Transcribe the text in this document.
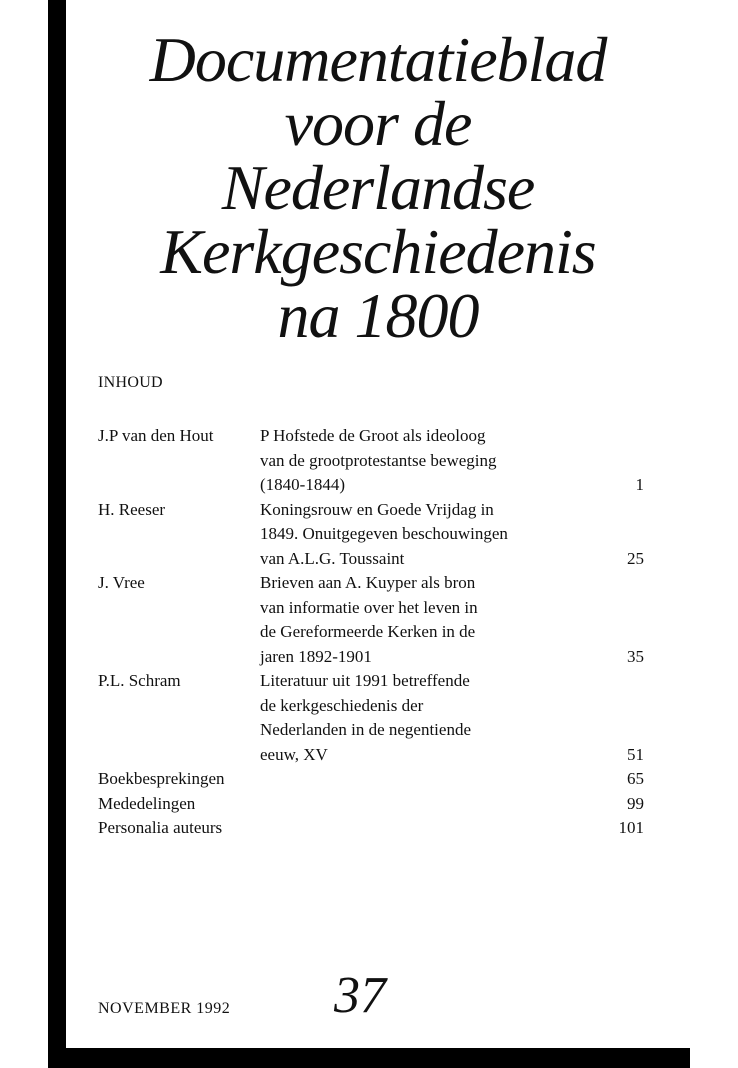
Documentatieblad
voor de
Nederlandse
Kerkgeschiedenis
na 1800
INHOUD
J.P van den Hout	P Hofstede de Groot als ideoloog
van de grootprotestantse beweging
(1840-1844)	1
H. Reeser	Koningsrouw en Goede Vrijdag in
1849. Onuitgegeven beschouwingen
van A.L.G. Toussaint	25
J. Vree	Brieven aan A. Kuyper als bron
van informatie over het leven in
de Gereformeerde Kerken in de
jaren 1892-1901	35
P.L. Schram	Literatuur uit 1991 betreffende
de kerkgeschiedenis der
Nederlanden in de negentiende
eeuw, XV	51
Boekbesprekingen	65
Mededelingen	99
Personalia auteurs	101
37
NOVEMBER 1992
